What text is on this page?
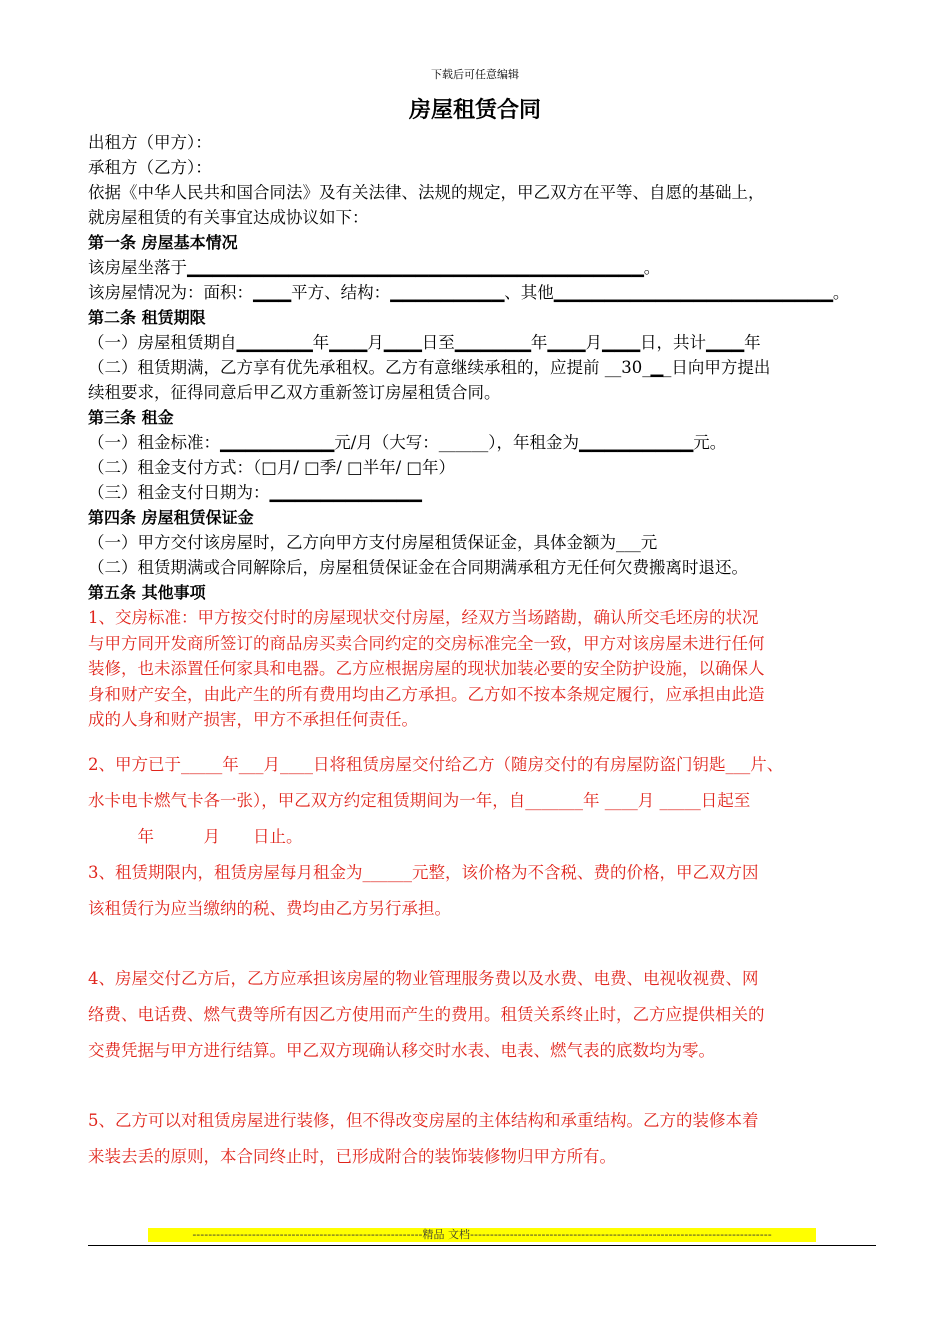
下载后可任意编辑
房屋租赁合同
出租方（甲方）：
承租方（乙方）：
依据《中华人民共和国合同法》及有关法律、法规的规定，甲乙双方在平等、自愿的基础上，
就房屋租赁的有关事宜达成协议如下：
第一条 房屋基本情况
该房屋坐落于▁▁▁▁▁▁▁▁▁▁▁▁▁▁▁▁▁▁▁▁▁▁▁▁▁▁▁▁▁▁▁▁▁▁▁▁。
该房屋情况为：面积：▁▁▁平方、结构：▁▁▁▁▁▁▁▁▁、其他▁▁▁▁▁▁▁▁▁▁▁▁▁▁▁▁▁▁▁▁▁▁。
第二条 租赁期限
（一）房屋租赁期自▁▁▁▁▁▁年▁▁▁月▁▁▁日至▁▁▁▁▁▁年▁▁▁月▁▁▁日，共计▁▁▁年
（二）租赁期满，乙方享有优先承租权。乙方有意继续承租的，应提前 __30_▁_日向甲方提出
续租要求，征得同意后甲乙双方重新签订房屋租赁合同。
第三条 租金
（一）租金标准：▁▁▁▁▁▁▁▁▁元/月（大写：______），年租金为▁▁▁▁▁▁▁▁▁元。
（二）租金支付方式：（□月/ □季/ □半年/ □年）
（三）租金支付日期为：▁▁▁▁▁▁▁▁▁▁▁▁
第四条 房屋租赁保证金
（一）甲方交付该房屋时，乙方向甲方支付房屋租赁保证金，具体金额为___元
（二）租赁期满或合同解除后，房屋租赁保证金在合同期满承租方无任何欠费搬离时退还。
第五条 其他事项
1、交房标准：甲方按交付时的房屋现状交付房屋，经双方当场踏勘，确认所交毛坯房的状况
与甲方同开发商所签订的商品房买卖合同约定的交房标准完全一致，甲方对该房屋未进行任何
装修，也未添置任何家具和电器。乙方应根据房屋的现状加装必要的安全防护设施，以确保人
身和财产安全，由此产生的所有费用均由乙方承担。乙方如不按本条规定履行，应承担由此造
成的人身和财产损害，甲方不承担任何责任。
2、甲方已于_____年___月____日将租赁房屋交付给乙方（随房交付的有房屋防盗门钥匙___片、
水卡电卡燃气卡各一张），甲乙双方约定租赁期间为一年，自_______年 ____月 _____日起至
　　　年　　　月　　日止。
3、租赁期限内，租赁房屋每月租金为______元整，该价格为不含税、费的价格，甲乙双方因
该租赁行为应当缴纳的税、费均由乙方另行承担。
4、房屋交付乙方后，乙方应承担该房屋的物业管理服务费以及水费、电费、电视收视费、网
络费、电话费、燃气费等所有因乙方使用而产生的费用。租赁关系终止时，乙方应提供相关的
交费凭据与甲方进行结算。甲乙双方现确认移交时水表、电表、燃气表的底数均为零。
5、乙方可以对租赁房屋进行装修，但不得改变房屋的主体结构和承重结构。乙方的装修本着
来装去丢的原则，本合同终止时，已形成附合的装饰装修物归甲方所有。
----------------------------------------------------------精品 文档----------------------------------------------------------------------------
